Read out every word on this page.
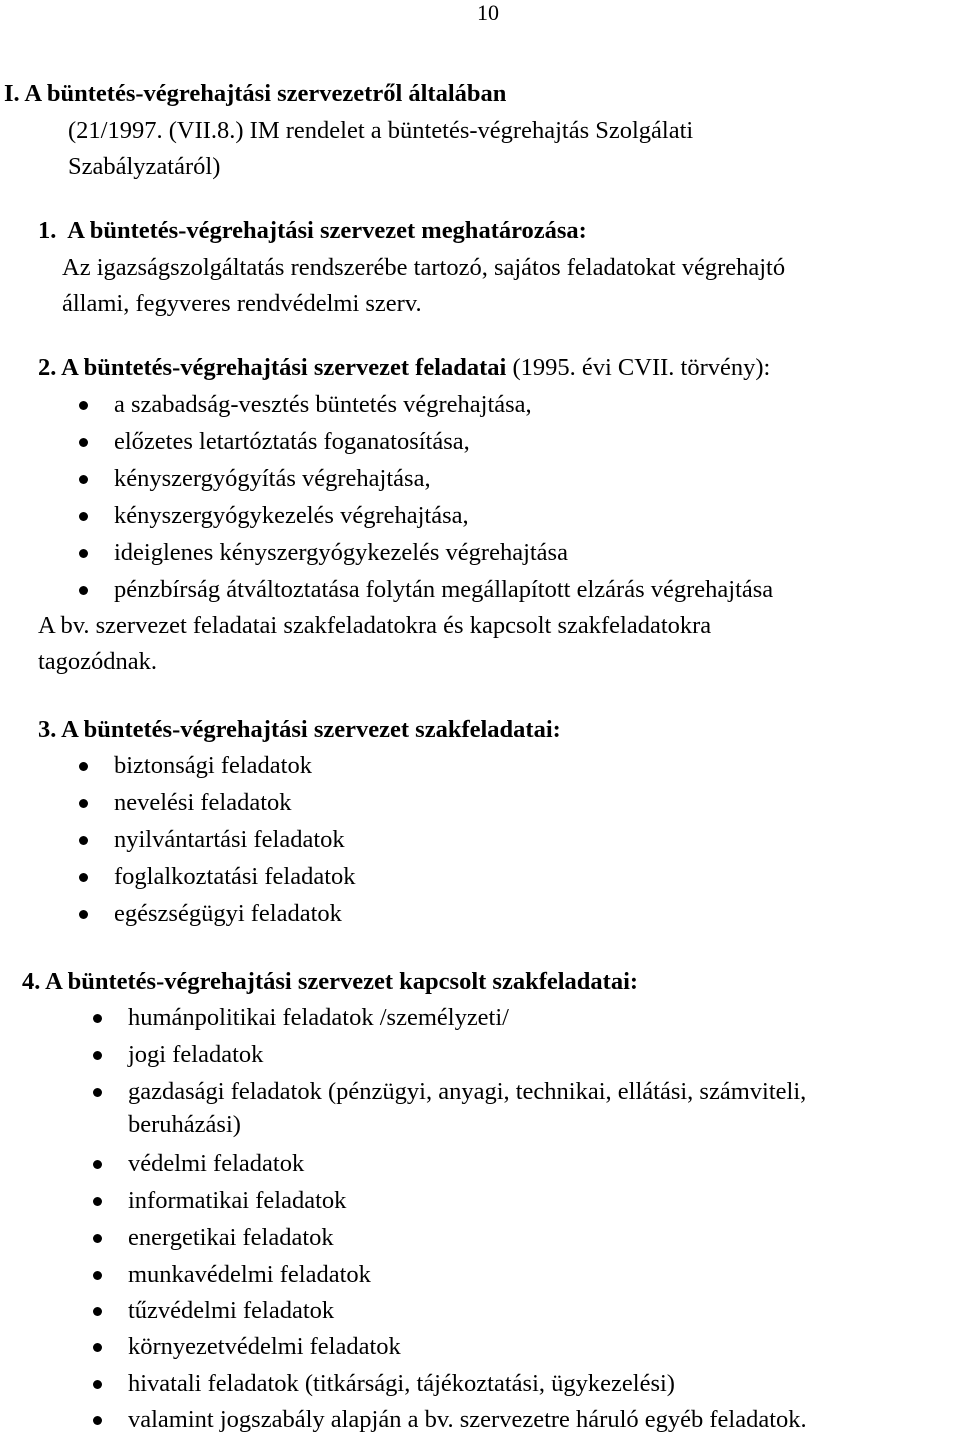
10
I. A büntetés-végrehajtási szervezetről általában
(21/1997. (VII.8.) IM rendelet a büntetés-végrehajtás Szolgálati
Szabályzatáról)
1.  A büntetés-végrehajtási szervezet meghatározása:
Az igazságszolgáltatás rendszerébe tartozó, sajátos feladatokat végrehajtó
állami, fegyveres rendvédelmi szerv.
2. A büntetés-végrehajtási szervezet feladatai (1995. évi CVII. törvény):
a szabadság-vesztés büntetés végrehajtása,
előzetes letartóztatás foganatosítása,
kényszergyógyítás végrehajtása,
kényszergyógykezelés végrehajtása,
ideiglenes kényszergyógykezelés végrehajtása
pénzbírság átváltoztatása folytán megállapított elzárás végrehajtása
A bv. szervezet feladatai szakfeladatokra és kapcsolt szakfeladatokra
tagozódnak.
3. A büntetés-végrehajtási szervezet szakfeladatai:
biztonsági feladatok
nevelési feladatok
nyilvántartási feladatok
foglalkoztatási feladatok
egészségügyi feladatok
4. A büntetés-végrehajtási szervezet kapcsolt szakfeladatai:
humánpolitikai feladatok /személyzeti/
jogi feladatok
gazdasági feladatok (pénzügyi, anyagi, technikai, ellátási, számviteli,
beruházási)
védelmi feladatok
informatikai feladatok
energetikai feladatok
munkavédelmi feladatok
tűzvédelmi feladatok
környezetvédelmi feladatok
hivatali feladatok (titkársági, tájékoztatási, ügykezelési)
valamint jogszabály alapján a bv. szervezetre háruló egyéb feladatok.
